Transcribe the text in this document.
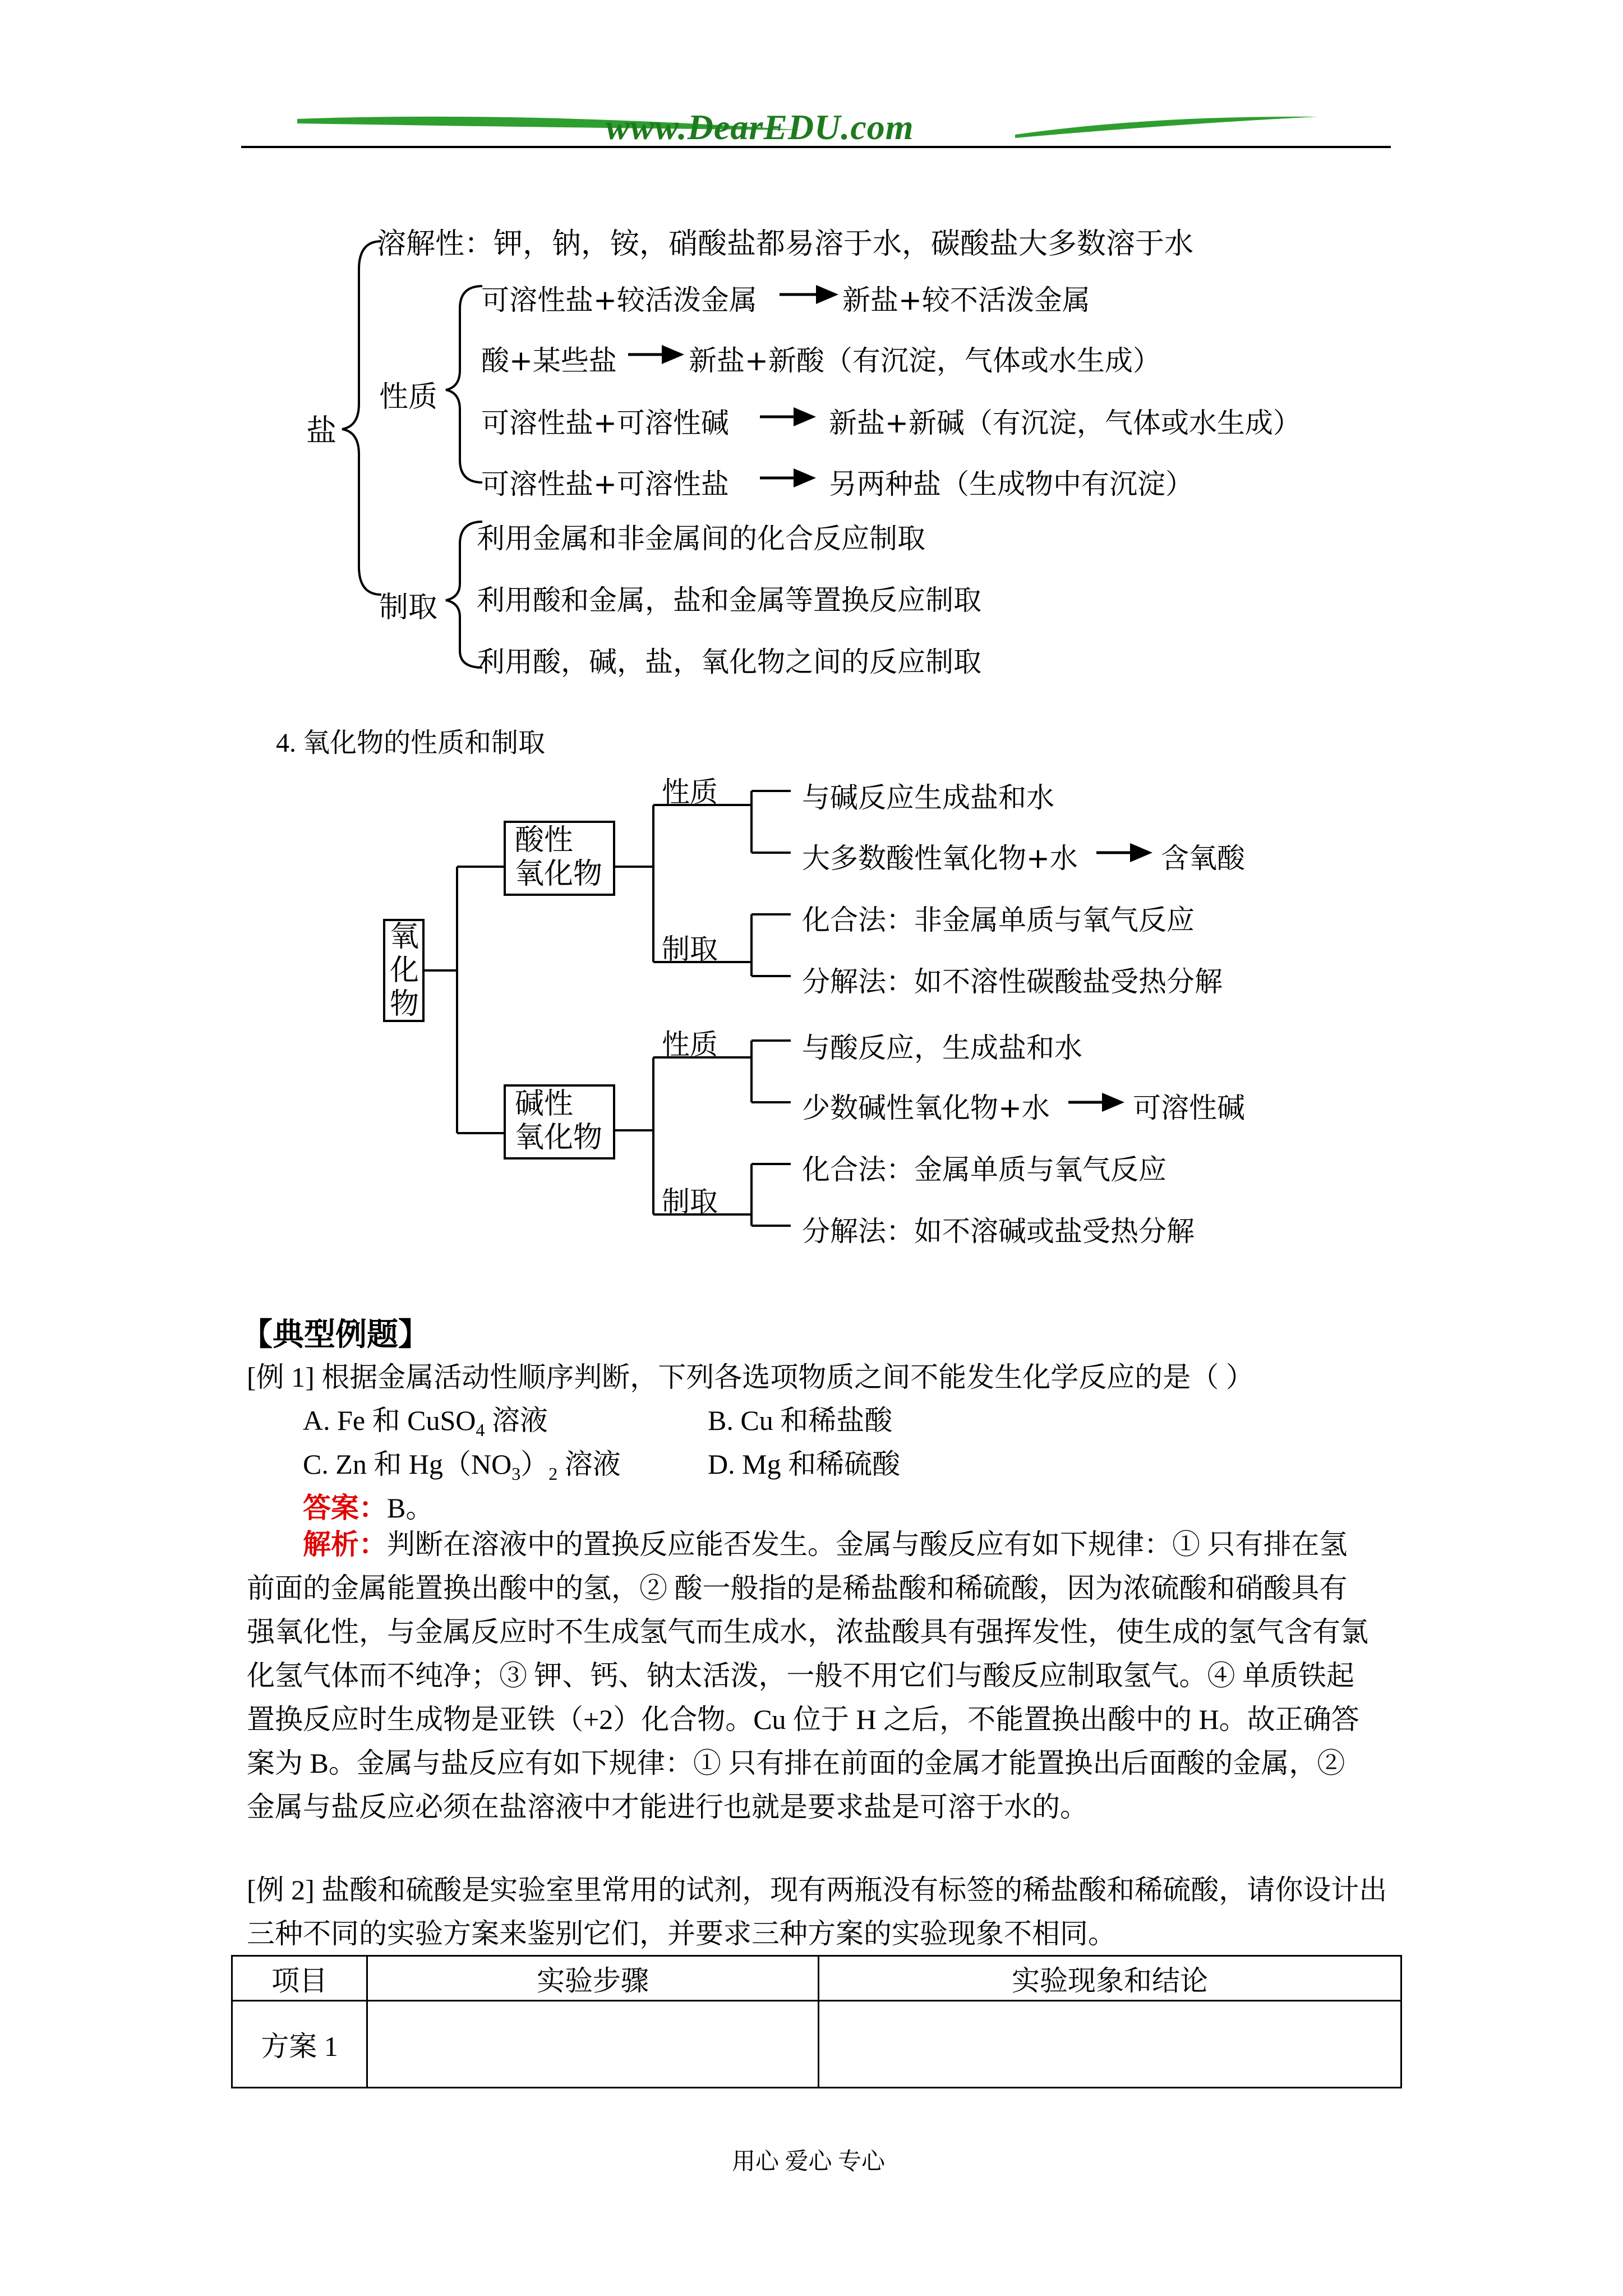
www.DearEDU.com
盐
溶解性：钾，钠，铵，硝酸盐都易溶于水，碳酸盐大多数溶于水
性质
可溶性盐+较活泼金属	新盐+较不活泼金属
酸+某些盐	新盐+新酸（有沉淀，气体或水生成）
可溶性盐+可溶性碱	新盐+新碱（有沉淀，气体或水生成）
可溶性盐+可溶性盐	另两种盐（生成物中有沉淀）
制取
利用金属和非金属间的化合反应制取
利用酸和金属，盐和金属等置换反应制取
利用酸，碱，盐，氧化物之间的反应制取
4. 氧化物的性质和制取
氧
化
物
酸性
氧化物
性质
制取
与碱反应生成盐和水
大多数酸性氧化物+水	含氧酸
化合法：非金属单质与氧气反应
分解法：如不溶性碳酸盐受热分解
碱性
氧化物
性质
制取
与酸反应，生成盐和水
少数碱性氧化物+水	可溶性碱
化合法：金属单质与氧气反应
分解法：如不溶碱或盐受热分解
【典型例题】
[例 1] 根据金属活动性顺序判断，下列各选项物质之间不能发生化学反应的是（ ）
A. Fe 和 CuSO$_4$ 溶液	B. Cu 和稀盐酸
C. Zn 和 $Hg(NO_3)_2$ 溶液	D. Mg 和稀硫酸
答案：B。
解析：判断在溶液中的置换反应能否发生。金属与酸反应有如下规律：① 只有排在氢
前面的金属能置换出酸中的氢，② 酸一般指的是稀盐酸和稀硫酸，因为浓硫酸和硝酸具有
强氧化性，与金属反应时不生成氢气而生成水，浓盐酸具有强挥发性，使生成的氢气含有氯
化氢气体而不纯净；③ 钾、钙、钠太活泼，一般不用它们与酸反应制取氢气。④ 单质铁起
置换反应时生成物是亚铁（+2）化合物。Cu 位于 H 之后，不能置换出酸中的 H。故正确答
案为 B。金属与盐反应有如下规律：① 只有排在前面的金属才能置换出后面酸的金属，②
金属与盐反应必须在盐溶液中才能进行也就是要求盐是可溶于水的。
[例 2] 盐酸和硫酸是实验室里常用的试剂，现有两瓶没有标签的稀盐酸和稀硫酸，请你设计出
三种不同的实验方案来鉴别它们，并要求三种方案的实验现象不相同。
项目	实验步骤	实验现象和结论
方案 1		
用心 爱心 专心
